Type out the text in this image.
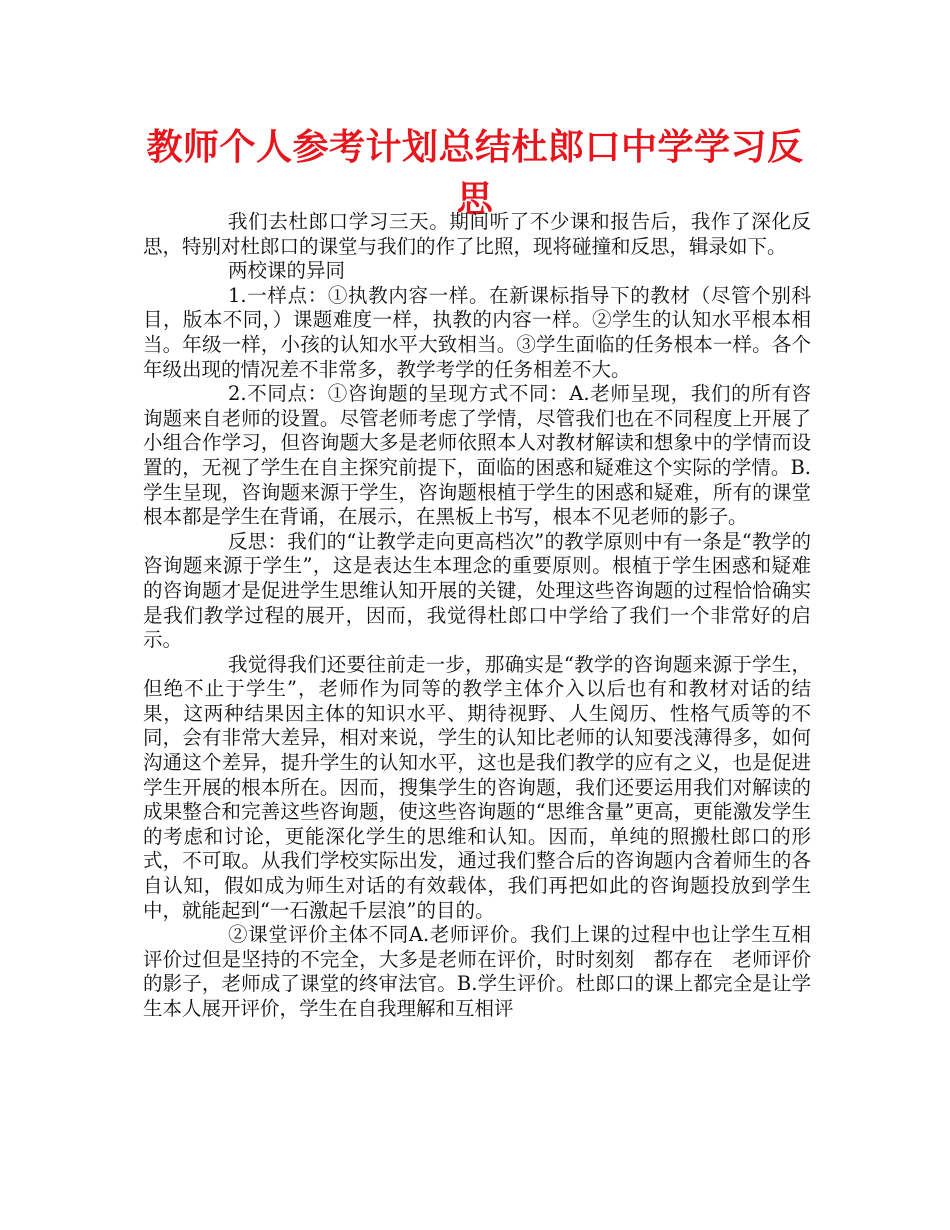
教师个人参考计划总结杜郎口中学学习反思

我们去杜郎口学习三天。期间听了不少课和报告后，我作了深化反思，特别对杜郎口的课堂与我们的作了比照，现将碰撞和反思，辑录如下。

两校课的异同

1.一样点：①执教内容一样。在新课标指导下的教材（尽管个别科目，版本不同，）课题难度一样，执教的内容一样。②学生的认知水平根本相当。年级一样，小孩的认知水平大致相当。③学生面临的任务根本一样。各个年级出现的情况差不非常多，教学考学的任务相差不大。

2.不同点：①咨询题的呈现方式不同：A.老师呈现，我们的所有咨询题来自老师的设置。尽管老师考虑了学情，尽管我们也在不同程度上开展了小组合作学习，但咨询题大多是老师依照本人对教材解读和想象中的学情而设置的，无视了学生在自主探究前提下，面临的困惑和疑难这个实际的学情。B.学生呈现，咨询题来源于学生，咨询题根植于学生的困惑和疑难，所有的课堂根本都是学生在背诵，在展示，在黑板上书写，根本不见老师的影子。

反思：我们的“让教学走向更高档次”的教学原则中有一条是“教学的咨询题来源于学生”，这是表达生本理念的重要原则。根植于学生困惑和疑难的咨询题才是促进学生思维认知开展的关键，处理这些咨询题的过程恰恰确实是我们教学过程的展开，因而，我觉得杜郎口中学给了我们一个非常好的启示。

我觉得我们还要往前走一步，那确实是“教学的咨询题来源于学生，但绝不止于学生”，老师作为同等的教学主体介入以后也有和教材对话的结果，这两种结果因主体的知识水平、期待视野、人生阅历、性格气质等的不同，会有非常大差异，相对来说，学生的认知比老师的认知要浅薄得多，如何沟通这个差异，提升学生的认知水平，这也是我们教学的应有之义，也是促进学生开展的根本所在。因而，搜集学生的咨询题，我们还要运用我们对解读的成果整合和完善这些咨询题，使这些咨询题的“思维含量”更高，更能激发学生的考虑和讨论，更能深化学生的思维和认知。因而，单纯的照搬杜郎口的形式，不可取。从我们学校实际出发，通过我们整合后的咨询题内含着师生的各自认知，假如成为师生对话的有效载体，我们再把如此的咨询题投放到学生中，就能起到“一石激起千层浪”的目的。

②课堂评价主体不同A.老师评价。我们上课的过程中也让学生互相评价过但是坚持的不完全，大多是老师在评价，时时刻刻　都存在　老师评价的影子，老师成了课堂的终审法官。B.学生评价。杜郎口的课上都完全是让学生本人展开评价，学生在自我理解和互相评
